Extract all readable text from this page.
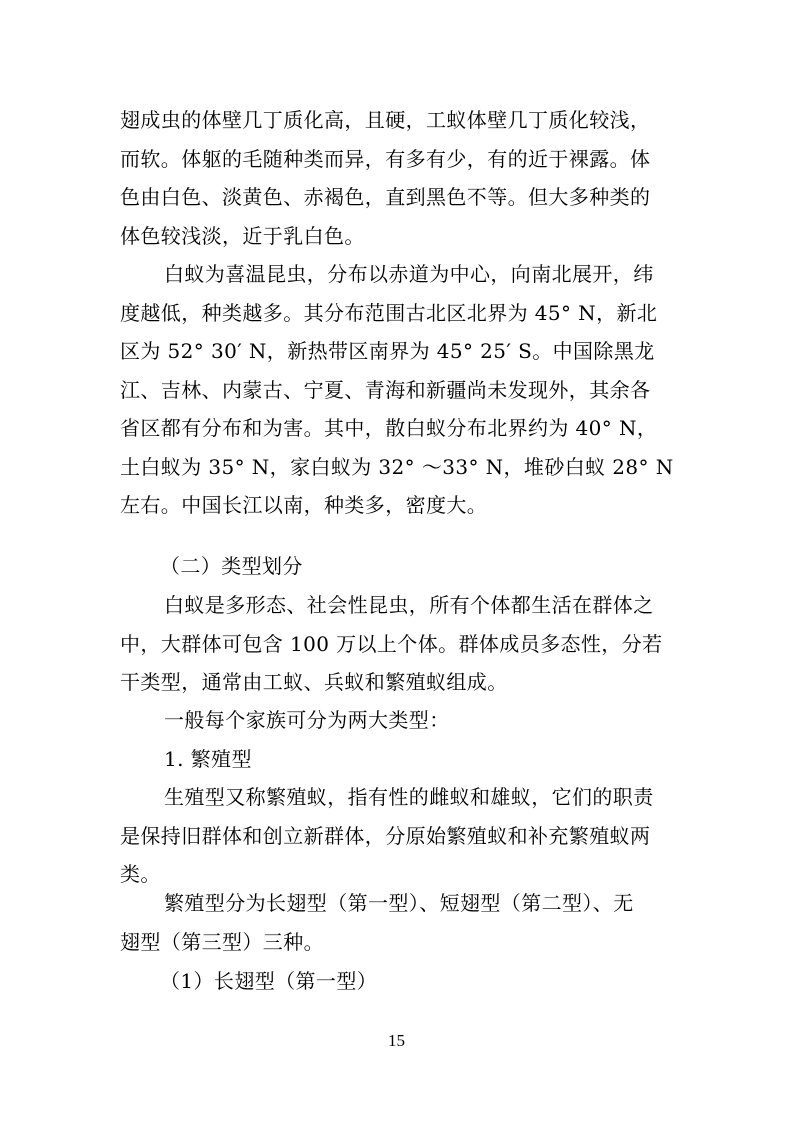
翅成虫的体壁几丁质化高，且硬，工蚁体壁几丁质化较浅，
而软。体躯的毛随种类而异，有多有少，有的近于裸露。体
色由白色、淡黄色、赤褐色，直到黑色不等。但大多种类的
体色较浅淡，近于乳白色。
白蚁为喜温昆虫，分布以赤道为中心，向南北展开，纬
度越低，种类越多。其分布范围古北区北界为 45° N，新北
区为 52° 30′ N，新热带区南界为 45° 25′ S。中国除黑龙
江、吉林、内蒙古、宁夏、青海和新疆尚未发现外，其余各
省区都有分布和为害。其中，散白蚁分布北界约为 40° N，
土白蚁为 35° N，家白蚁为 32° ～33° N，堆砂白蚁 28° N
左右。中国长江以南，种类多，密度大。
（二）类型划分
白蚁是多形态、社会性昆虫，所有个体都生活在群体之
中，大群体可包含 100 万以上个体。群体成员多态性，分若
干类型，通常由工蚁、兵蚁和繁殖蚁组成。
一般每个家族可分为两大类型：
1. 繁殖型
生殖型又称繁殖蚁，指有性的雌蚁和雄蚁，它们的职责
是保持旧群体和创立新群体，分原始繁殖蚁和补充繁殖蚁两
类。
繁殖型分为长翅型（第一型）、短翅型（第二型）、无
翅型（第三型）三种。
（1）长翅型（第一型）
15
